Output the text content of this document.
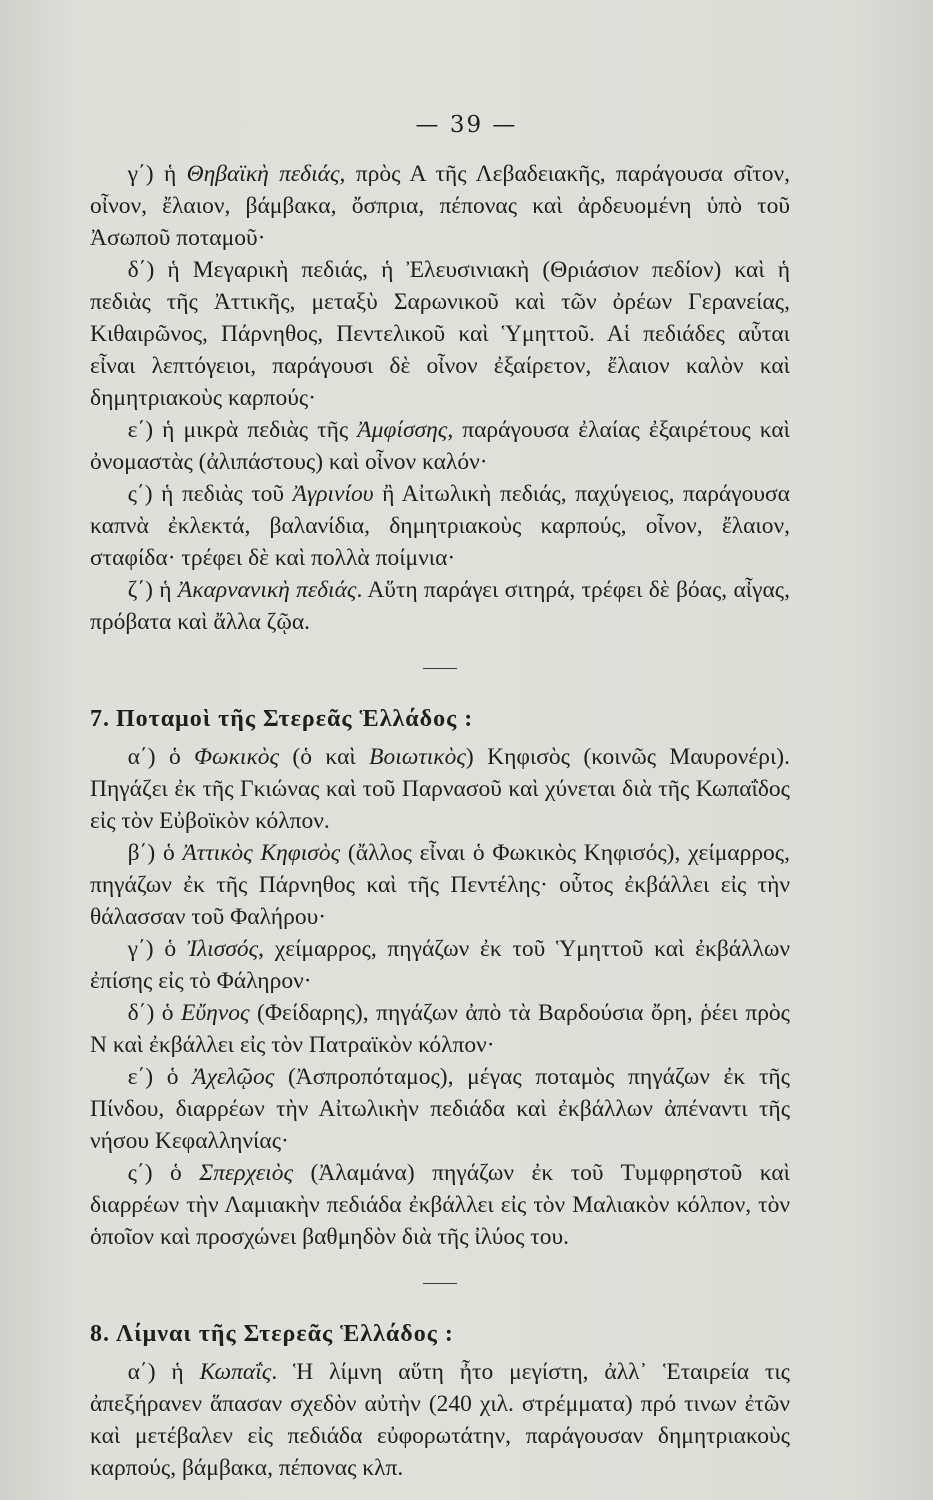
— 39 —

γ΄) ἡ Θηβαϊκὴ πεδιάς, πρὸς Α τῆς Λεβαδειακῆς, παράγουσα σῖτον, οἶνον, ἔλαιον, βάμβακα, ὄσπρια, πέπονας καὶ ἀρδευομένη ὑπὸ τοῦ Ἀσωποῦ ποταμοῦ·

δ΄) ἡ Μεγαρικὴ πεδιάς, ἡ Ἐλευσινιακὴ (Θριάσιον πεδίον) καὶ ἡ πεδιὰς τῆς Ἀττικῆς, μεταξὺ Σαρωνικοῦ καὶ τῶν ὀρέων Γερανείας, Κιθαιρῶνος, Πάρνηθος, Πεντελικοῦ καὶ Ὑμηττοῦ. Αἱ πεδιάδες αὗται εἶναι λεπτόγειοι, παράγουσι δὲ οἶνον ἐξαίρετον, ἔλαιον καλὸν καὶ δημητριακοὺς καρπούς·

ε΄) ἡ μικρὰ πεδιὰς τῆς Ἀμφίσσης, παράγουσα ἐλαίας ἐξαιρέτους καὶ ὀνομαστὰς (ἀλιπάστους) καὶ οἶνον καλόν·

ς΄) ἡ πεδιὰς τοῦ Ἀγρινίου ἢ Αἰτωλικὴ πεδιάς, παχύγειος, παράγουσα καπνὰ ἐκλεκτά, βαλανίδια, δημητριακοὺς καρπούς, οἶνον, ἔλαιον, σταφίδα· τρέφει δὲ καὶ πολλὰ ποίμνια·

ζ΄) ἡ Ἀκαρνανικὴ πεδιάς. Αὕτη παράγει σιτηρά, τρέφει δὲ βόας, αἶγας, πρόβατα καὶ ἄλλα ζῷα.

7. Ποταμοὶ τῆς Στερεᾶς Ἑλλάδος :

α΄) ὁ Φωκικὸς (ὁ καὶ Βοιωτικὸς) Κηφισὸς (κοινῶς Μαυρονέρι). Πηγάζει ἐκ τῆς Γκιώνας καὶ τοῦ Παρνασοῦ καὶ χύνεται διὰ τῆς Κωπαΐδος εἰς τὸν Εὐβοϊκὸν κόλπον.

β΄) ὁ Ἀττικὸς Κηφισὸς (ἄλλος εἶναι ὁ Φωκικὸς Κηφισός), χείμαρρος, πηγάζων ἐκ τῆς Πάρνηθος καὶ τῆς Πεντέλης· οὗτος ἐκβάλλει εἰς τὴν θάλασσαν τοῦ Φαλήρου·

γ΄) ὁ Ἰλισσός, χείμαρρος, πηγάζων ἐκ τοῦ Ὑμηττοῦ καὶ ἐκβάλλων ἐπίσης εἰς τὸ Φάληρον·

δ΄) ὁ Εὔηνος (Φείδαρης), πηγάζων ἀπὸ τὰ Βαρδούσια ὄρη, ῥέει πρὸς Ν καὶ ἐκβάλλει εἰς τὸν Πατραϊκὸν κόλπον·

ε΄) ὁ Ἀχελῷος (Ἀσπροπόταμος), μέγας ποταμὸς πηγάζων ἐκ τῆς Πίνδου, διαρρέων τὴν Αἰτωλικὴν πεδιάδα καὶ ἐκβάλλων ἀπέναντι τῆς νήσου Κεφαλληνίας·

ς΄) ὁ Σπερχειὸς (Ἀλαμάνα) πηγάζων ἐκ τοῦ Τυμφρηστοῦ καὶ διαρρέων τὴν Λαμιακὴν πεδιάδα ἐκβάλλει εἰς τὸν Μαλιακὸν κόλπον, τὸν ὁποῖον καὶ προσχώνει βαθμηδὸν διὰ τῆς ἰλύος του.

8. Λίμναι τῆς Στερεᾶς Ἑλλάδος :

α΄) ἡ Κωπαΐς. Ἡ λίμνη αὕτη ἦτο μεγίστη, ἀλλ᾽ Ἑταιρεία τις ἀπεξήρανεν ἅπασαν σχεδὸν αὐτὴν (240 χιλ. στρέμματα) πρό τινων ἐτῶν καὶ μετέβαλεν εἰς πεδιάδα εὐφορωτάτην, παράγουσαν δημητριακοὺς καρπούς, βάμβακα, πέπονας κλπ.
